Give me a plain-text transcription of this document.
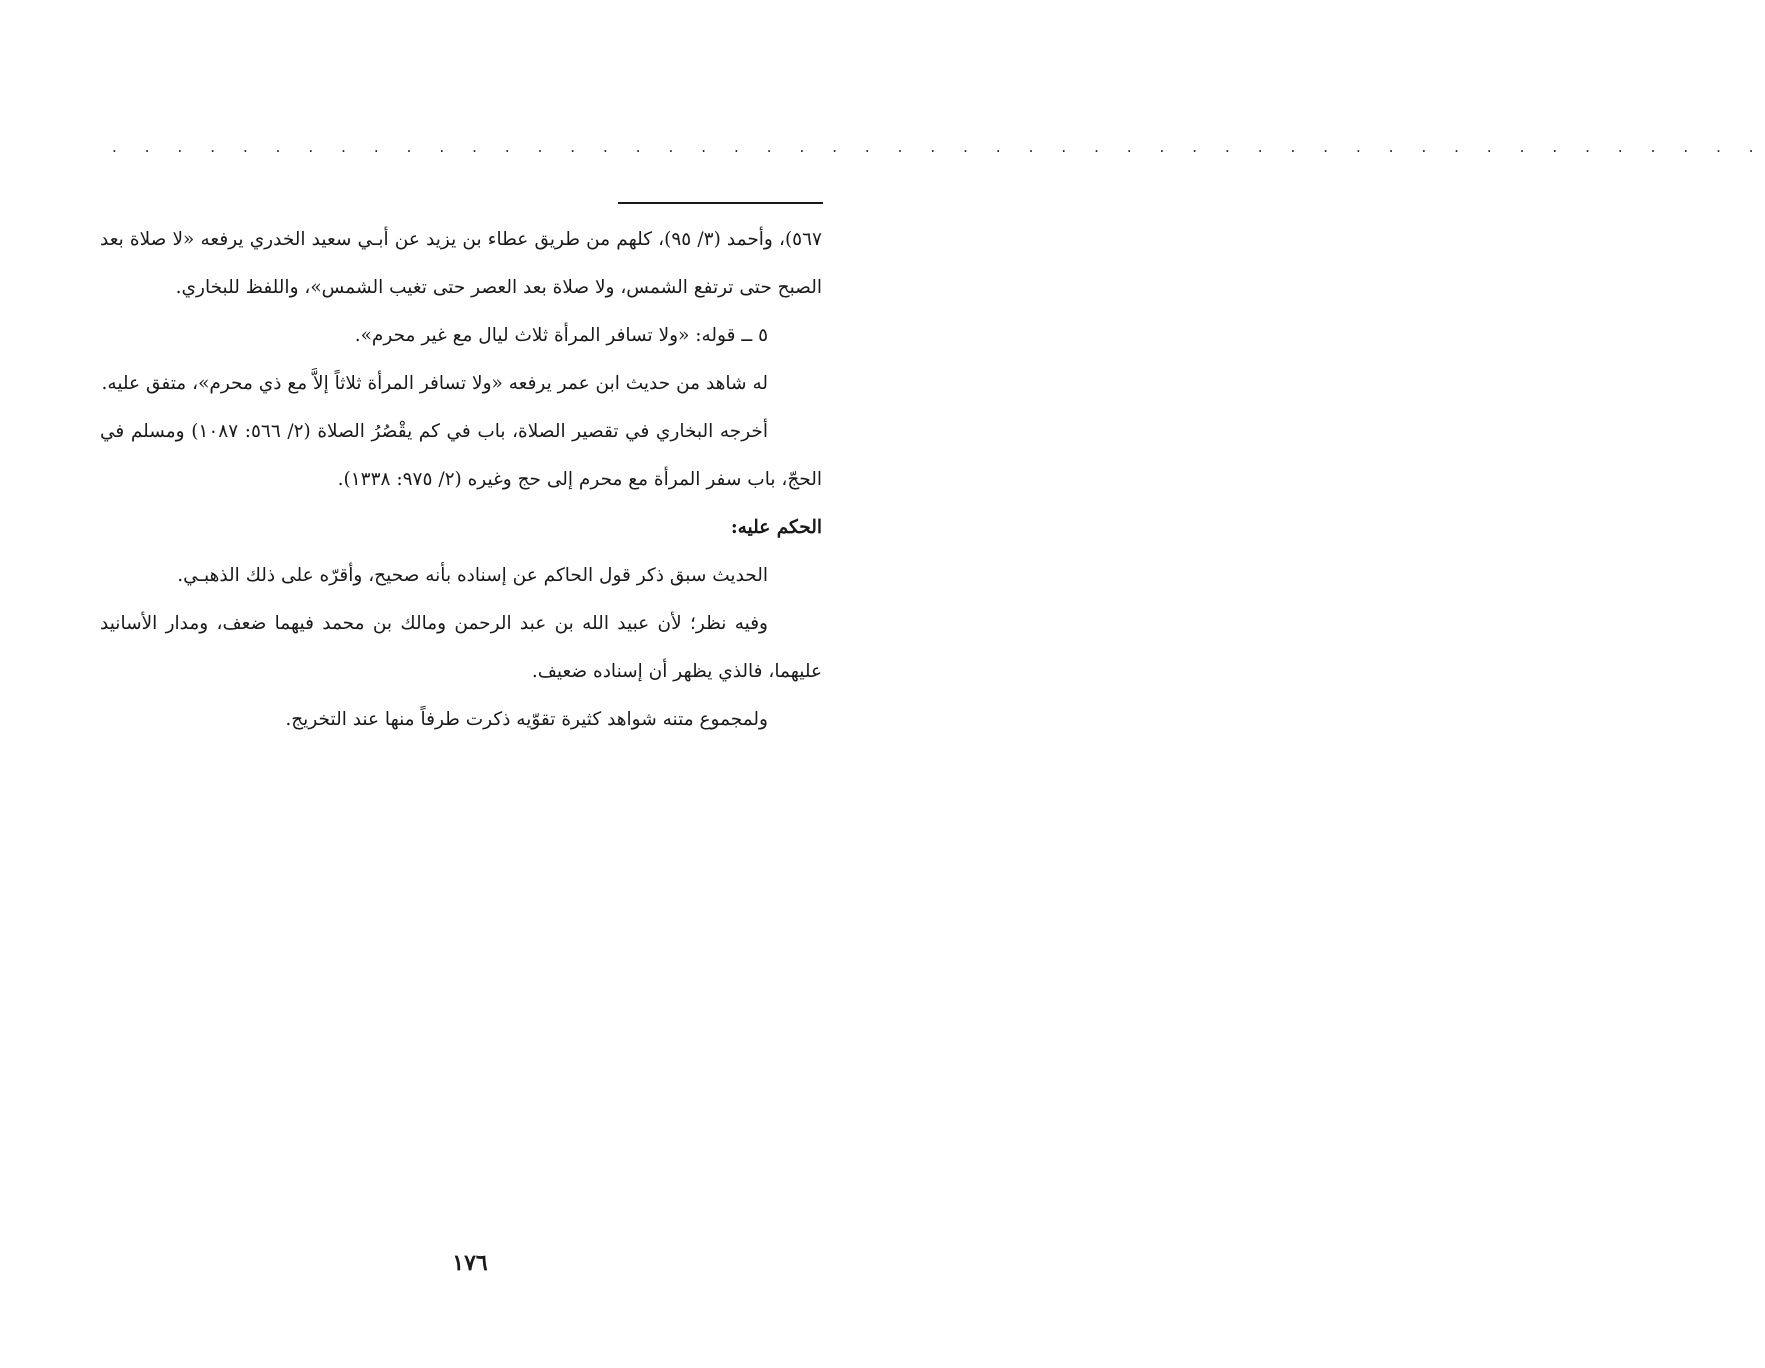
. . . . . . . . . . . . . . . . . . . . . . . . . . . . . . . . . . . . . . . . . . . . . . . . . . .

٥٦٧)، وأحمد (٣/ ٩٥)، كلهم من طريق عطاء بن يزيد عن أبـي سعيد الخدري يرفعه «لا صلاة بعد الصبح حتى ترتفع الشمس، ولا صلاة بعد العصر حتى تغيب الشمس»، واللفظ للبخاري.

٥ ــ قوله: «ولا تسافر المرأة ثلاث ليال مع غير محرم».

له شاهد من حديث ابن عمر يرفعه «ولا تسافر المرأة ثلاثاً إلاَّ مع ذي محرم»، متفق عليه.

أخرجه البخاري في تقصير الصلاة، باب في كم يقْصُرُ الصلاة (٢/ ٥٦٦: ١٠٨٧) ومسلم في الحجّ، باب سفر المرأة مع محرم إلى حج وغيره (٢/ ٩٧٥: ١٣٣٨).

الحكم عليه:

الحديث سبق ذكر قول الحاكم عن إسناده بأنه صحيح، وأقرّه على ذلك الذهبـي.

وفيه نظر؛ لأن عبيد الله بن عبد الرحمن ومالك بن محمد فيهما ضعف، ومدار الأسانيد عليهما، فالذي يظهر أن إسناده ضعيف.

ولمجموع متنه شواهد كثيرة تقوّيه ذكرت طرفاً منها عند التخريج.

١٧٦
